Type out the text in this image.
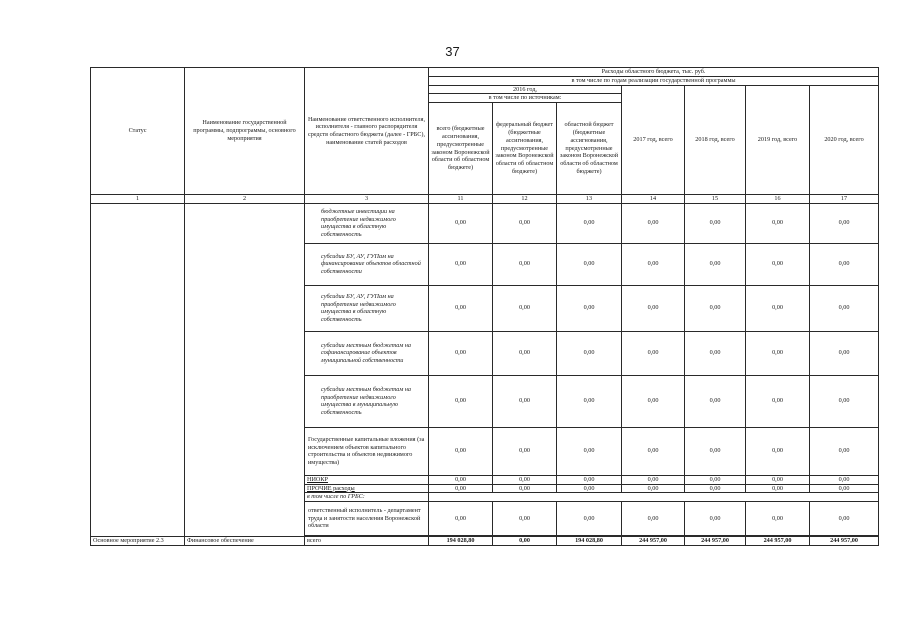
37
Статус	Наименование государственной программы, подпрограммы, основного мероприятия	Наименование ответственного исполнителя, исполнителя - главного распорядителя средств областного бюджета (далее - ГРБС), наименование статей расходов	Расходы областного бюджета, тыс. руб.						
			в том числе по годам реализации государственной программы						
			2016 год,			2017 год, всего	2018 год, всего	2019 год, всего	2020 год, всего
			в том числе по источникам:						
			всего (бюджетные ассигнования, предусмотренные законом Воронежской области об областном бюджете)	федеральный бюджет (бюджетные ассигнования, предусмотренные законом Воронежской области об областном бюджете)	областной бюджет (бюджетные ассигнования, предусмотренные законом Воронежской области об областном бюджете)				
1	2	3	11	12	13	14	15	16	17
		бюджетные инвестиции на приобретение недвижимого имущества в областную собственность	0,00	0,00	0,00	0,00	0,00	0,00	0,00
		субсидии БУ, АУ, ГУПам на финансирование объектов областной собственности	0,00	0,00	0,00	0,00	0,00	0,00	0,00
		субсидии БУ, АУ, ГУПам на приобретение недвижимого имущества в областную собственность	0,00	0,00	0,00	0,00	0,00	0,00	0,00
		субсидии местным бюджетам на софинансирование объектов муниципальной собственности	0,00	0,00	0,00	0,00	0,00	0,00	0,00
		субсидии местным бюджетам на приобретение недвижимого имущества в муниципальную собственность	0,00	0,00	0,00	0,00	0,00	0,00	0,00
		Государственные капитальные вложения (за исключением объектов капитального строительства и объектов недвижимого имущества)	0,00	0,00	0,00	0,00	0,00	0,00	0,00
		НИОКР	0,00	0,00	0,00	0,00	0,00	0,00	0,00
		ПРОЧИЕ расходы	0,00	0,00	0,00	0,00	0,00	0,00	0,00
		в том числе по ГРБС:							
		ответственный исполнитель - департамент труда и занятости населения Воронежской области	0,00	0,00	0,00	0,00	0,00	0,00	0,00

Основное мероприятие 2.3	Финансовое обеспечение	всего	194 028,80	0,00	194 028,80	244 957,00	244 957,00	244 957,00	244 957,00
